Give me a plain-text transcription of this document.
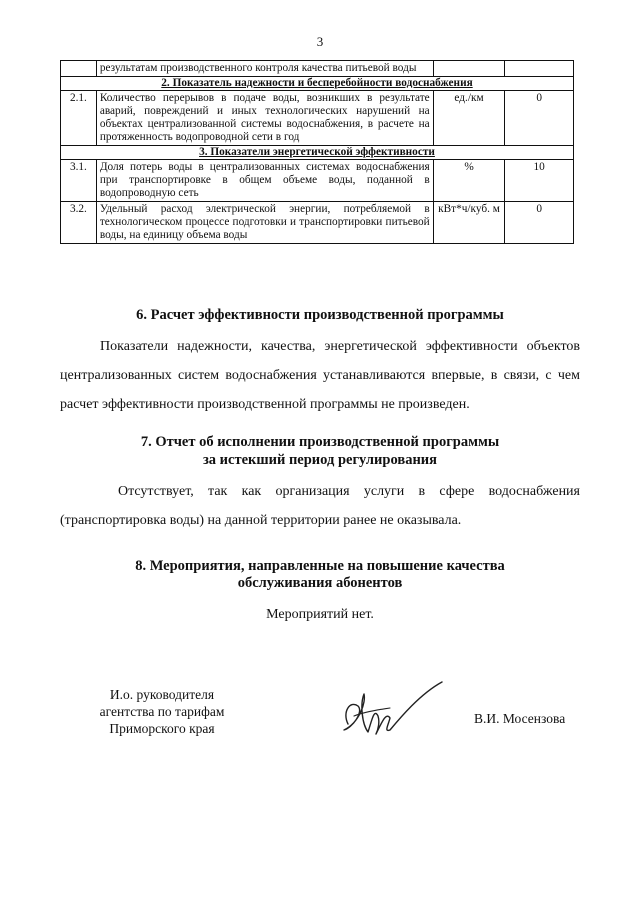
3
	результатам производственного контроля качества питьевой воды		
2. Показатель надежности и бесперебойности водоснабжения			
2.1.	Количество перерывов в подаче воды, возникших в результате аварий, повреждений и иных технологических нарушений на объектах централизованной системы водоснабжения, в расчете на протяженность водопроводной сети в год	ед./км	0
3. Показатели энергетической эффективности			
3.1.	Доля потерь воды в централизованных системах водоснабжения при транспортировке в общем объеме воды, поданной в водопроводную сеть	%	10
3.2.	Удельный расход электрической энергии, потребляемой в технологическом процессе подготовки и транспортировки питьевой воды, на единицу объема воды	кВт*ч/куб. м	0
6. Расчет эффективности производственной программы

Показатели надежности, качества, энергетической эффективности объектов централизованных систем водоснабжения устанавливаются впервые, в связи, с чем расчет эффективности производственной программы не произведен.

7. Отчет об исполнении производственной программы
за истекший период регулирования

Отсутствует, так как организация услуги в сфере водоснабжения (транспортировка воды) на данной территории ранее не оказывала.

8. Мероприятия, направленные на повышение качества
обслуживания абонентов

Мероприятий нет.

И.о. руководителя
агентства по тарифам
Приморского края
В.И. Мосензова
